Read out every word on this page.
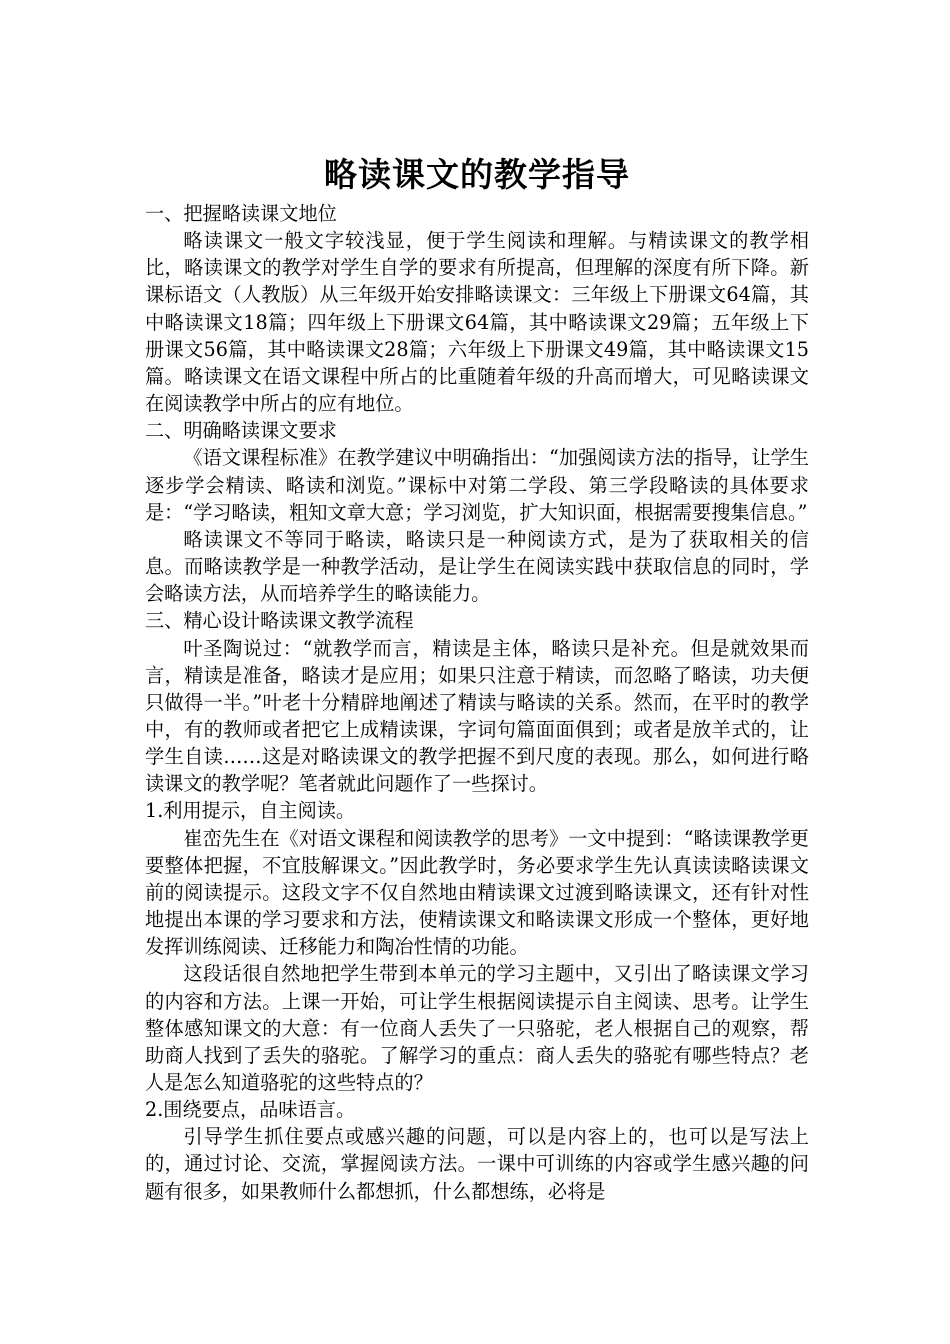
略读课文的教学指导

一、把握略读课文地位

略读课文一般文字较浅显，便于学生阅读和理解。与精读课文的教学相比，略读课文的教学对学生自学的要求有所提高，但理解的深度有所下降。新课标语文（人教版）从三年级开始安排略读课文：三年级上下册课文64篇，其中略读课文18篇；四年级上下册课文64篇，其中略读课文29篇；五年级上下册课文56篇，其中略读课文28篇；六年级上下册课文49篇，其中略读课文15篇。略读课文在语文课程中所占的比重随着年级的升高而增大，可见略读课文在阅读教学中所占的应有地位。

二、明确略读课文要求

《语文课程标准》在教学建议中明确指出：“加强阅读方法的指导，让学生逐步学会精读、略读和浏览。”课标中对第二学段、第三学段略读的具体要求是：“学习略读，粗知文章大意；学习浏览，扩大知识面，根据需要搜集信息。”

略读课文不等同于略读，略读只是一种阅读方式，是为了获取相关的信息。而略读教学是一种教学活动，是让学生在阅读实践中获取信息的同时，学会略读方法，从而培养学生的略读能力。

三、精心设计略读课文教学流程

叶圣陶说过：“就教学而言，精读是主体，略读只是补充。但是就效果而言，精读是准备，略读才是应用；如果只注意于精读，而忽略了略读，功夫便只做得一半。”叶老十分精辟地阐述了精读与略读的关系。然而，在平时的教学中，有的教师或者把它上成精读课，字词句篇面面俱到；或者是放羊式的，让学生自读……这是对略读课文的教学把握不到尺度的表现。那么，如何进行略读课文的教学呢？笔者就此问题作了一些探讨。

1.利用提示，自主阅读。

崔峦先生在《对语文课程和阅读教学的思考》一文中提到：“略读课教学更要整体把握，不宜肢解课文。”因此教学时，务必要求学生先认真读读略读课文前的阅读提示。这段文字不仅自然地由精读课文过渡到略读课文，还有针对性地提出本课的学习要求和方法，使精读课文和略读课文形成一个整体，更好地发挥训练阅读、迁移能力和陶冶性情的功能。

这段话很自然地把学生带到本单元的学习主题中，又引出了略读课文学习的内容和方法。上课一开始，可让学生根据阅读提示自主阅读、思考。让学生整体感知课文的大意：有一位商人丢失了一只骆驼，老人根据自己的观察，帮助商人找到了丢失的骆驼。了解学习的重点：商人丢失的骆驼有哪些特点？老人是怎么知道骆驼的这些特点的？

2.围绕要点，品味语言。

引导学生抓住要点或感兴趣的问题，可以是内容上的，也可以是写法上的，通过讨论、交流，掌握阅读方法。一课中可训练的内容或学生感兴趣的问题有很多，如果教师什么都想抓，什么都想练，必将是
